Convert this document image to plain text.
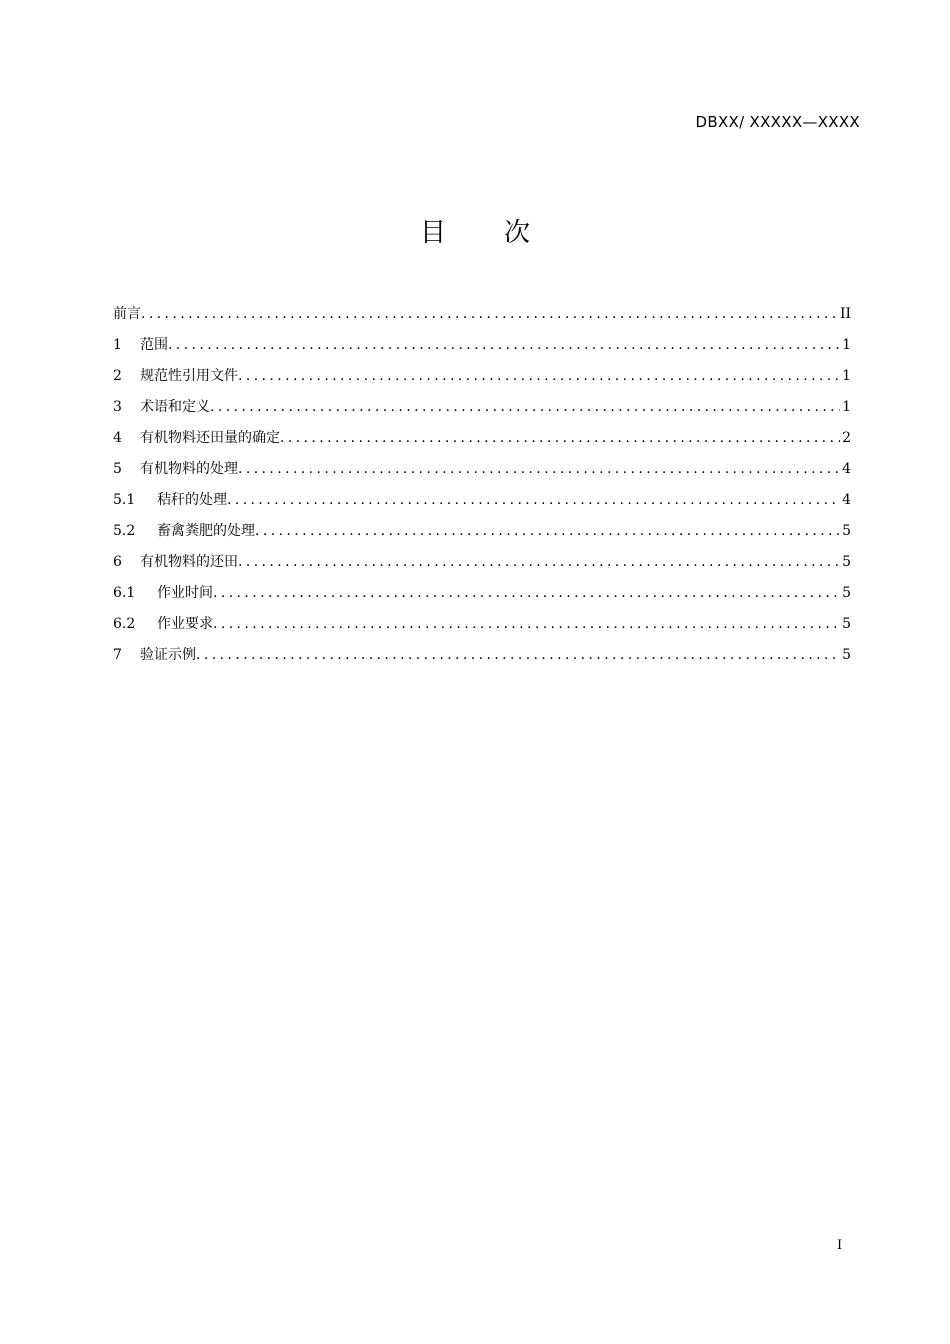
DBXX/ XXXXX—XXXX
目 次
前言 .....	II
1	范围 .....	1
2	规范性引用文件 .....	1
3	术语和定义 .....	1
4	有机物料还田量的确定 .....	2
5	有机物料的处理 .....	4
5.1	秸秆的处理 .....	4
5.2	畜禽粪肥的处理 .....	5
6	有机物料的还田 .....	5
6.1	作业时间 .....	5
6.2	作业要求 .....	5
7	验证示例 .....	5
I
